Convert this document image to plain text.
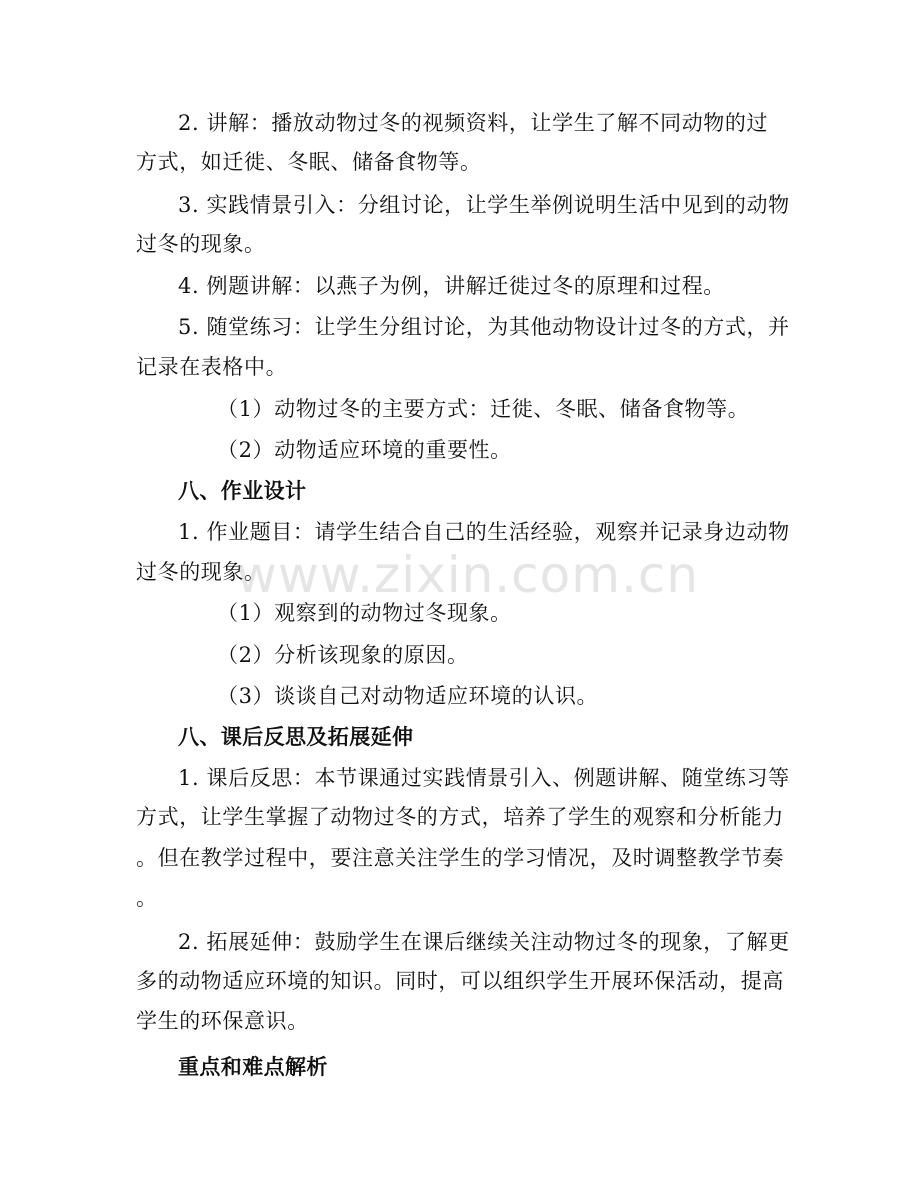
2. 讲解：播放动物过冬的视频资料，让学生了解不同动物的过
方式，如迁徙、冬眠、储备食物等。
3. 实践情景引入：分组讨论，让学生举例说明生活中见到的动物
过冬的现象。
4. 例题讲解：以燕子为例，讲解迁徙过冬的原理和过程。
5. 随堂练习：让学生分组讨论，为其他动物设计过冬的方式，并
记录在表格中。
（1）动物过冬的主要方式：迁徙、冬眠、储备食物等。
（2）动物适应环境的重要性。
八、作业设计
1. 作业题目：请学生结合自己的生活经验，观察并记录身边动物
过冬的现象。
（1）观察到的动物过冬现象。
（2）分析该现象的原因。
（3）谈谈自己对动物适应环境的认识。
八、课后反思及拓展延伸
1. 课后反思：本节课通过实践情景引入、例题讲解、随堂练习等
方式，让学生掌握了动物过冬的方式，培养了学生的观察和分析能力
。但在教学过程中，要注意关注学生的学习情况，及时调整教学节奏
。
2. 拓展延伸：鼓励学生在课后继续关注动物过冬的现象，了解更
多的动物适应环境的知识。同时，可以组织学生开展环保活动，提高
学生的环保意识。
重点和难点解析
www.zixin.com.cn
